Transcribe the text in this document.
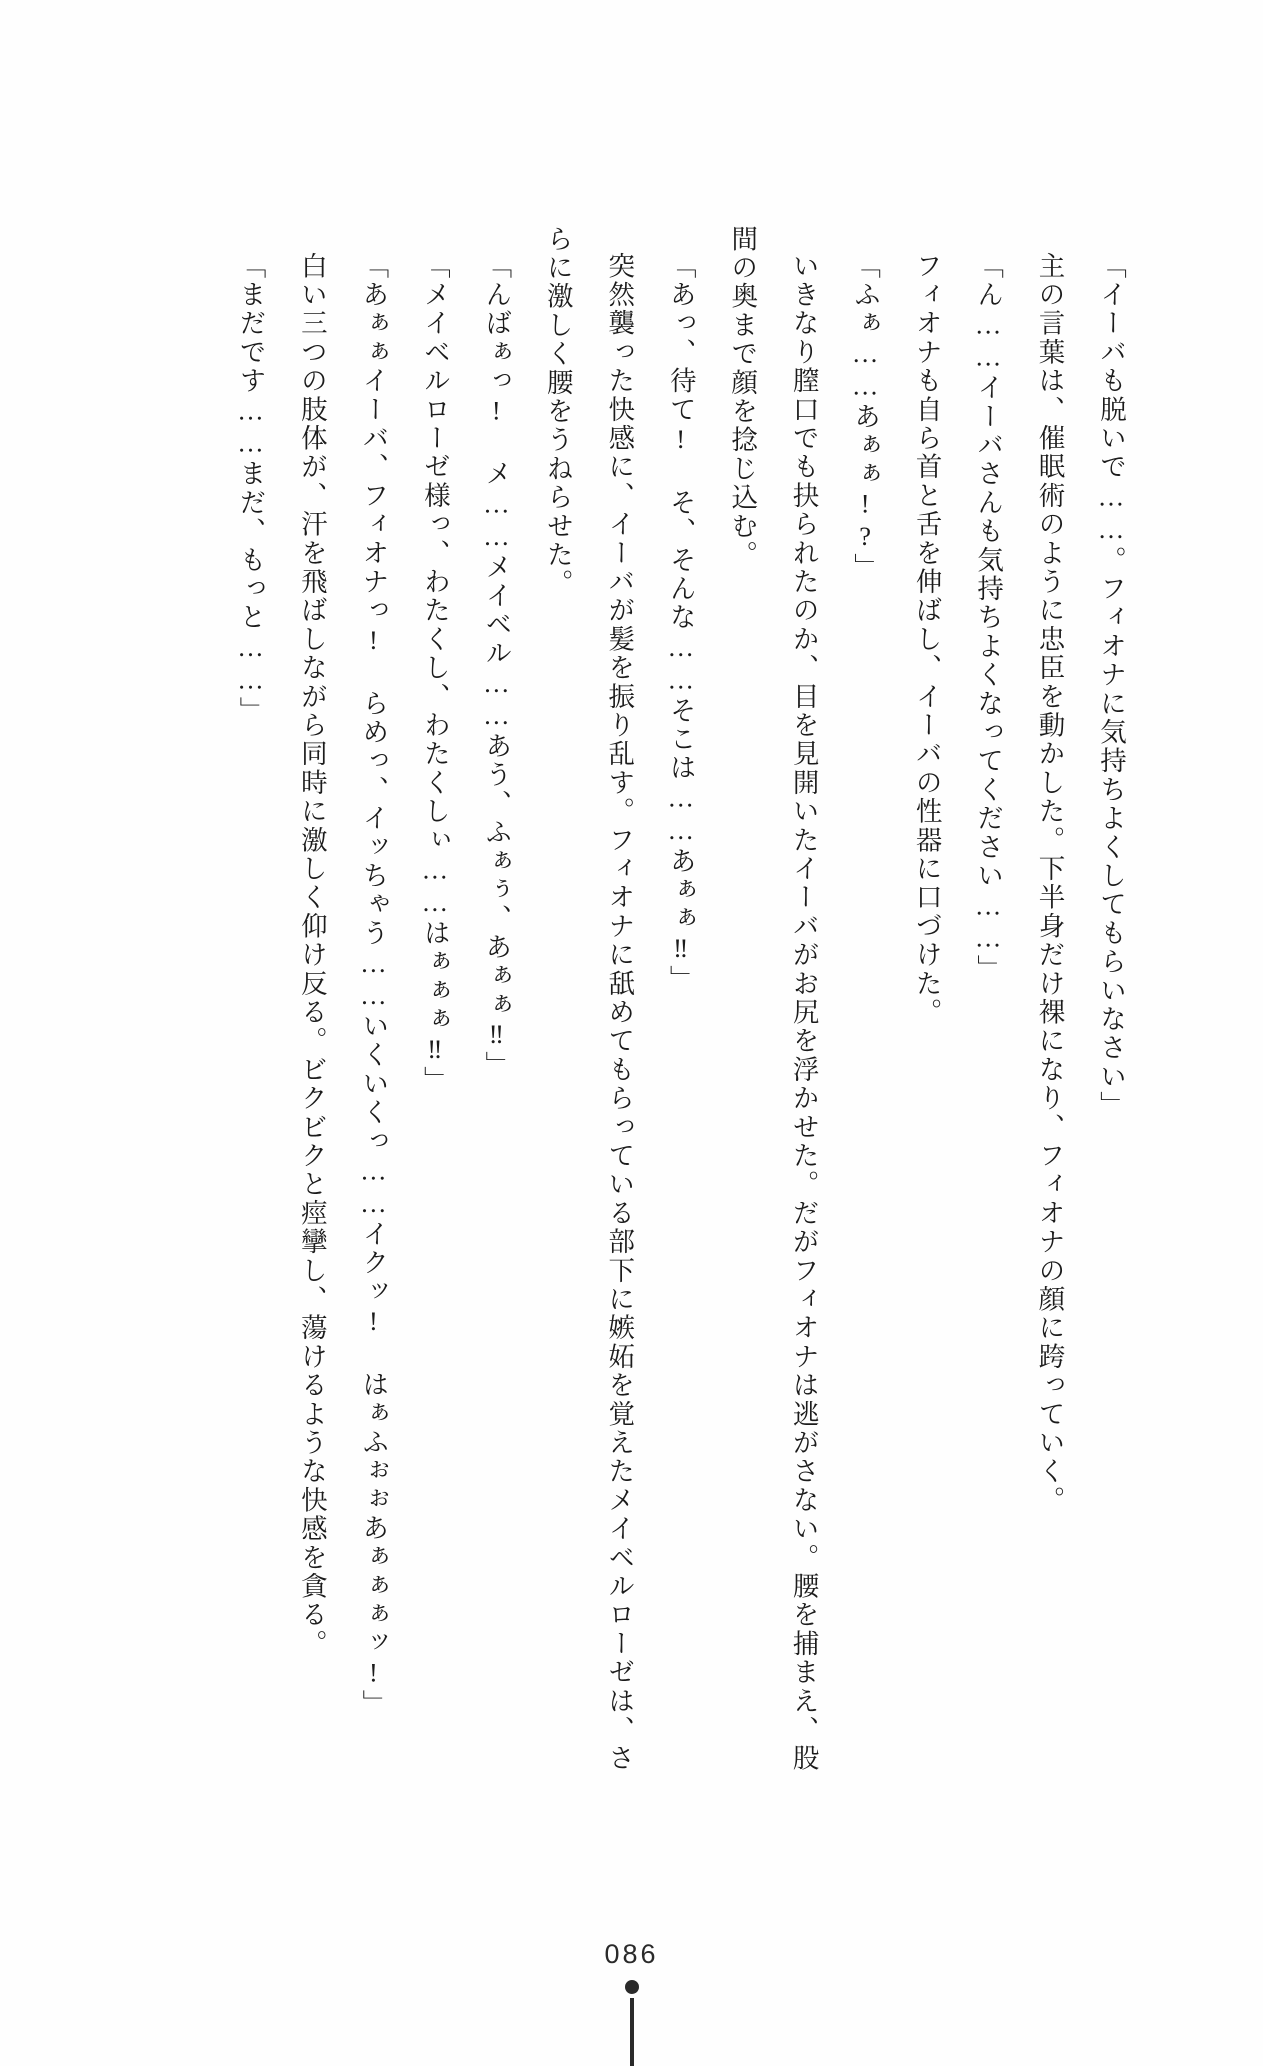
「イーバも脱いで……。フィオナに気持ちよくしてもらいなさい」

主の言葉は、催眠術のように忠臣を動かした。下半身だけ裸になり、フィオナの顔に跨っていく。

「ん……イーバさんも気持ちよくなってください……」

フィオナも自ら首と舌を伸ばし、イーバの性器に口づけた。

「ふぁ……あぁぁ!?」

いきなり膣口でも抉られたのか、目を見開いたイーバがお尻を浮かせた。だがフィオナは逃がさない。腰を捕まえ、股間の奥まで顔を捻じ込む。

「あっ、待て! そ、そんな……そこは……あぁぁ‼」

突然襲った快感に、イーバが髪を振り乱す。フィオナに舐めてもらっている部下に嫉妬を覚えたメイベルローゼは、さらに激しく腰をうねらせた。

「んばぁっ! メ……メイベル……あう、ふぁぅ、あぁぁ‼」

「メイベルローゼ様っ、わたくし、わたくしぃ……はぁぁぁ‼」

「あぁぁイーバ、フィオナっ! らめっ、イッちゃう……いくいくっ……イクッ! はぁふぉぉあぁぁぁッ!」

白い三つの肢体が、汗を飛ばしながら同時に激しく仰け反る。ビクビクと痙攣し、蕩けるような快感を貪る。

「まだです……まだ、もっと……」

086
